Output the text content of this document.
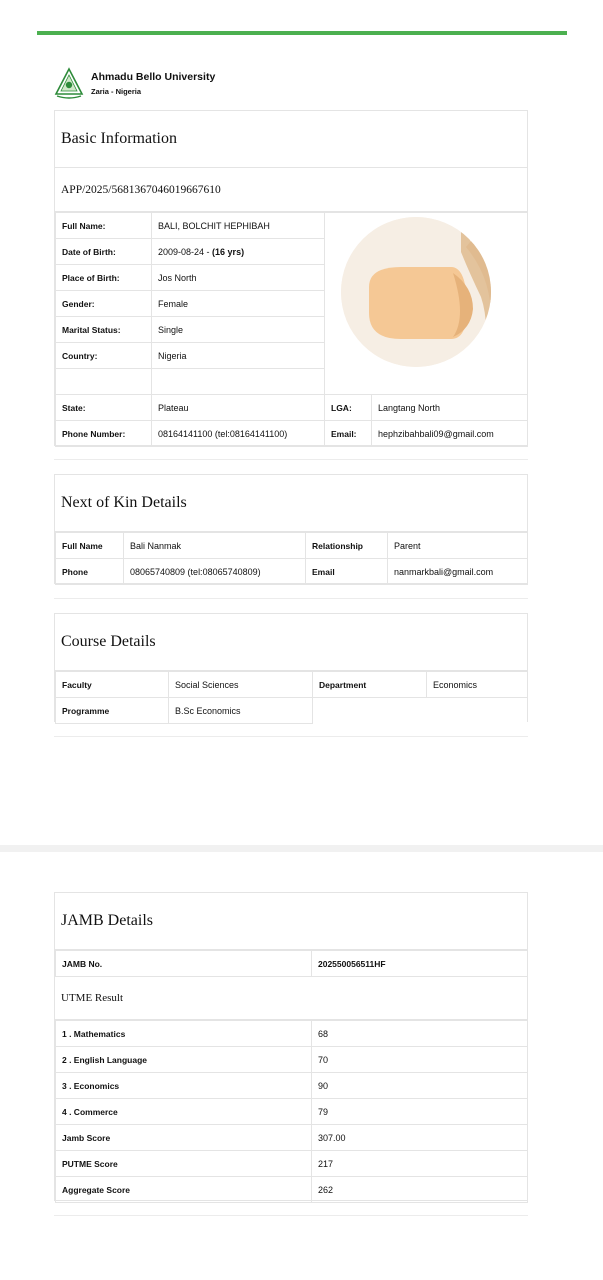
Ahmadu Bello University
Zaria - Nigeria
Basic Information
APP/2025/5681367046019667610
Full Name:	BALI, BOLCHIT HEPHIBAH	

Date of Birth:	2009-08-24 - (16 yrs)		
Place of Birth:	Jos North		
Gender:	Female		
Marital Status:	Single		
Country:	Nigeria		

State:	Plateau	LGA:	Langtang North
Phone Number:	08164141100 (tel:08164141100)	Email:	hephzibahbali09@gmail.com
Next of Kin Details
Full Name	Bali Nanmak	Relationship	Parent
Phone	08065740809 (tel:08065740809)	Email	nanmarkbali@gmail.com
Course Details
Faculty	Social Sciences	Department	Economics
Programme	B.Sc Economics		
JAMB Details
JAMB No.	202550056511HF
UTME Result
1 . Mathematics	68
2 . English Language	70
3 . Economics	90
4 . Commerce	79
Jamb Score	307.00
PUTME Score	217
Aggregate Score	262
